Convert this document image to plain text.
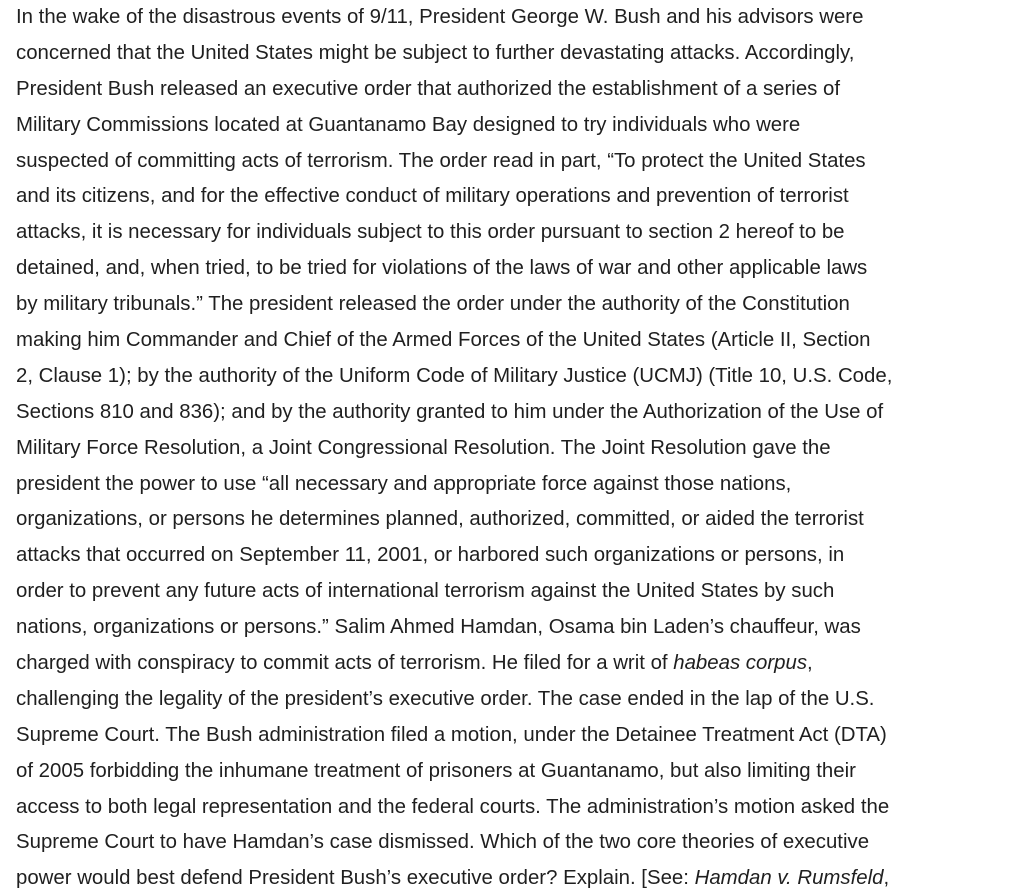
In the wake of the disastrous events of 9/11, President George W. Bush and his advisors were
concerned that the United States might be subject to further devastating attacks. Accordingly,
President Bush released an executive order that authorized the establishment of a series of
Military Commissions located at Guantanamo Bay designed to try individuals who were
suspected of committing acts of terrorism. The order read in part, “To protect the United States
and its citizens, and for the effective conduct of military operations and prevention of terrorist
attacks, it is necessary for individuals subject to this order pursuant to section 2 hereof to be
detained, and, when tried, to be tried for violations of the laws of war and other applicable laws
by military tribunals.” The president released the order under the authority of the Constitution
making him Commander and Chief of the Armed Forces of the United States (Article II, Section
2, Clause 1); by the authority of the Uniform Code of Military Justice (UCMJ) (Title 10, U.S. Code,
Sections 810 and 836); and by the authority granted to him under the Authorization of the Use of
Military Force Resolution, a Joint Congressional Resolution. The Joint Resolution gave the
president the power to use “all necessary and appropriate force against those nations,
organizations, or persons he determines planned, authorized, committed, or aided the terrorist
attacks that occurred on September 11, 2001, or harbored such organizations or persons, in
order to prevent any future acts of international terrorism against the United States by such
nations, organizations or persons.” Salim Ahmed Hamdan, Osama bin Laden’s chauffeur, was
charged with conspiracy to commit acts of terrorism. He filed for a writ of habeas corpus,
challenging the legality of the president’s executive order. The case ended in the lap of the U.S.
Supreme Court. The Bush administration filed a motion, under the Detainee Treatment Act (DTA)
of 2005 forbidding the inhumane treatment of prisoners at Guantanamo, but also limiting their
access to both legal representation and the federal courts. The administration’s motion asked the
Supreme Court to have Hamdan’s case dismissed. Which of the two core theories of executive
power would best defend President Bush’s executive order? Explain. [See: Hamdan v. Rumsfeld,
